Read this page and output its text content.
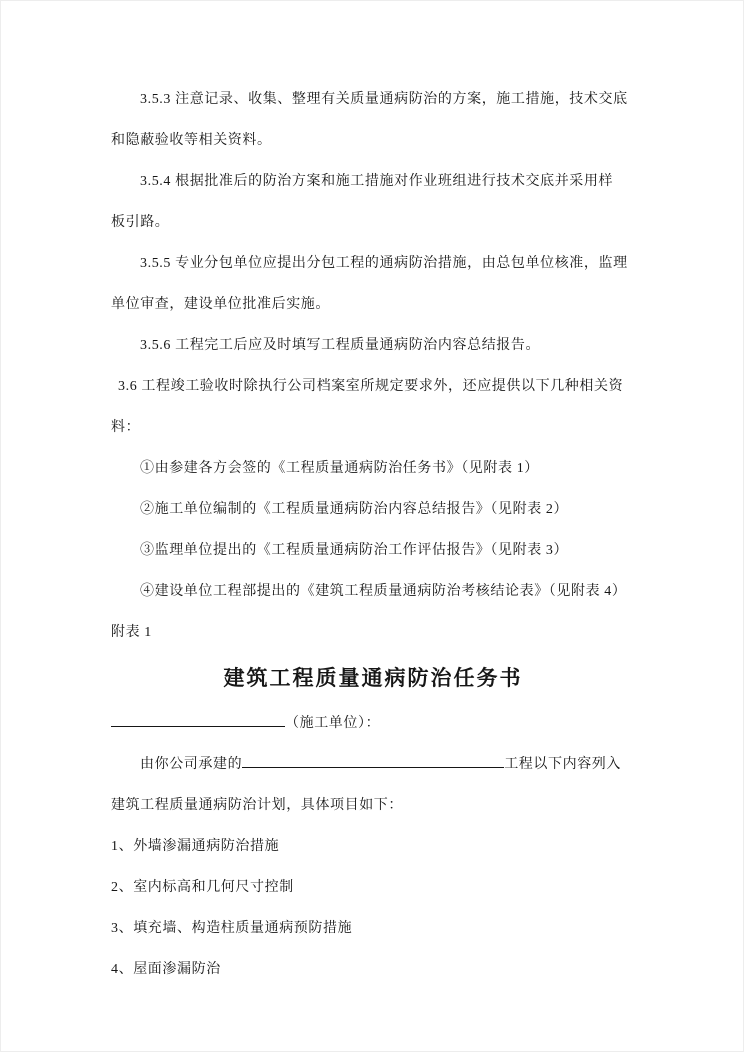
3.5.3 注意记录、收集、整理有关质量通病防治的方案，施工措施，技术交底
和隐蔽验收等相关资料。
3.5.4 根据批准后的防治方案和施工措施对作业班组进行技术交底并采用样
板引路。
3.5.5 专业分包单位应提出分包工程的通病防治措施，由总包单位核准，监理
单位审查，建设单位批准后实施。
3.5.6 工程完工后应及时填写工程质量通病防治内容总结报告。
3.6 工程竣工验收时除执行公司档案室所规定要求外，还应提供以下几种相关资
料：
①由参建各方会签的《工程质量通病防治任务书》（见附表 1）
②施工单位编制的《工程质量通病防治内容总结报告》（见附表 2）
③监理单位提出的《工程质量通病防治工作评估报告》（见附表 3）
④建设单位工程部提出的《建筑工程质量通病防治考核结论表》（见附表 4）
附表 1
建筑工程质量通病防治任务书
（施工单位）：
由你公司承建的	工程以下内容列入
建筑工程质量通病防治计划，具体项目如下：
1、外墙渗漏通病防治措施
2、室内标高和几何尺寸控制
3、填充墙、构造柱质量通病预防措施
4、屋面渗漏防治
